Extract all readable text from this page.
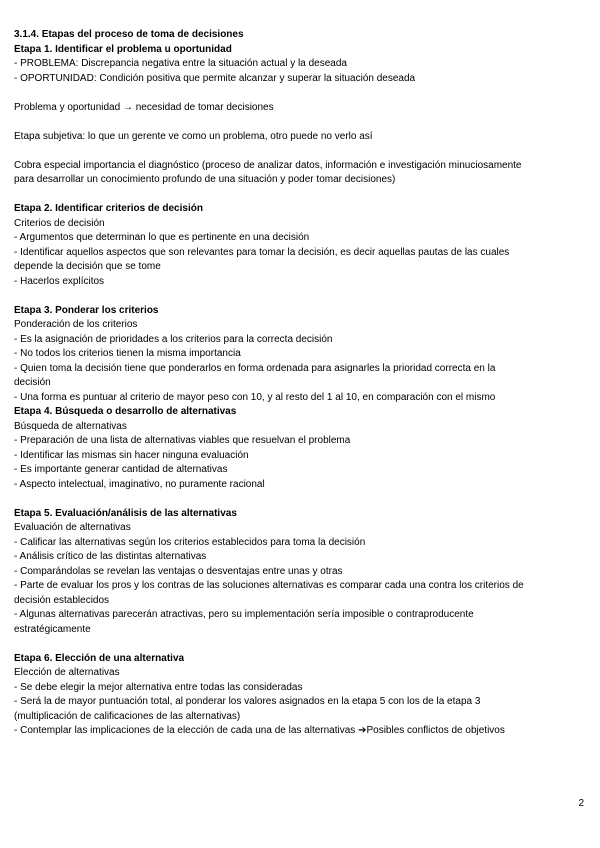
3.1.4. Etapas del proceso de toma de decisiones
Etapa 1. Identificar el problema u oportunidad
- PROBLEMA: Discrepancia negativa entre la situación actual y la deseada
- OPORTUNIDAD: Condición positiva que permite alcanzar y superar la situación deseada
Problema y oportunidad → necesidad de tomar decisiones
Etapa subjetiva: lo que un gerente ve como un problema, otro puede no verlo así
Cobra especial importancia el diagnóstico (proceso de analizar datos, información e investigación minuciosamente
para desarrollar un conocimiento profundo de una situación y poder tomar decisiones)
Etapa 2. Identificar criterios de decisión
Criterios de decisión
- Argumentos que determinan lo que es pertinente en una decisión
- Identificar aquellos aspectos que son relevantes para tomar la decisión, es decir aquellas pautas de las cuales
depende la decisión que se tome
- Hacerlos explícitos
Etapa 3. Ponderar los criterios
Ponderación de los criterios
- Es la asignación de prioridades a los criterios para la correcta decisión
- No todos los criterios tienen la misma importancia
- Quien toma la decisión tiene que ponderarlos en forma ordenada para asignarles la prioridad correcta en la
decisión
- Una forma es puntuar al criterio de mayor peso con 10, y al resto del 1 al 10, en comparación con el mismo
Etapa 4. Búsqueda o desarrollo de alternativas
Búsqueda de alternativas
- Preparación de una lista de alternativas viables que resuelvan el problema
- Identificar las mismas sin hacer ninguna evaluación
- Es importante generar cantidad de alternativas
- Aspecto intelectual, imaginativo, no puramente racional
Etapa 5. Evaluación/análisis de las alternativas
Evaluación de alternativas
- Calificar las alternativas según los criterios establecidos para toma la decisión
- Análisis crítico de las distintas alternativas
- Comparándolas se revelan las ventajas o desventajas entre unas y otras
- Parte de evaluar los pros y los contras de las soluciones alternativas es comparar cada una contra los criterios de
decisión establecidos
- Algunas alternativas parecerán atractivas, pero su implementación sería imposible o contraproducente
estratégicamente
Etapa 6. Elección de una alternativa
Elección de alternativas
- Se debe elegir la mejor alternativa entre todas las consideradas
- Será la de mayor puntuación total, al ponderar los valores asignados en la etapa 5 con los de la etapa 3
(multiplicación de calificaciones de las alternativas)
- Contemplar las implicaciones de la elección de cada una de las alternativas ➔Posibles conflictos de objetivos
2
